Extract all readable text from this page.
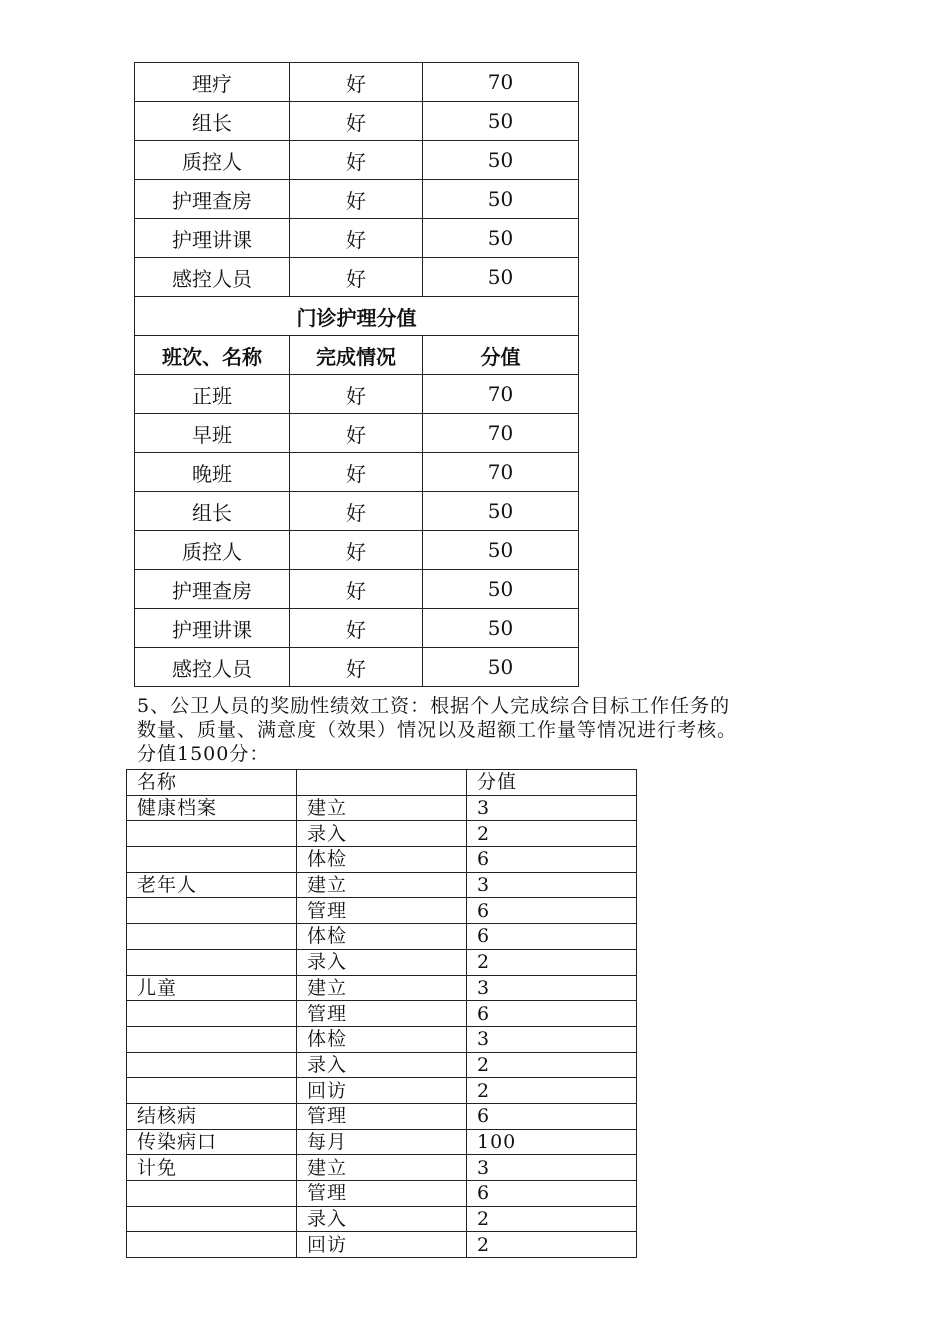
理疗	好	70
组长	好	50
质控人	好	50
护理查房	好	50
护理讲课	好	50
感控人员	好	50
门诊护理分值		
班次、名称	完成情况	分值
正班	好	70
早班	好	70
晚班	好	70
组长	好	50
质控人	好	50
护理查房	好	50
护理讲课	好	50
感控人员	好	50
5、公卫人员的奖励性绩效工资：根据个人完成综合目标工作任务的
数量、质量、满意度（效果）情况以及超额工作量等情况进行考核。
分值1500分：
名称		分值
健康档案	建立	3
	录入	2
	体检	6
老年人	建立	3
	管理	6
	体检	6
	录入	2
儿童	建立	3
	管理	6
	体检	3
	录入	2
	回访	2
结核病	管理	6
传染病口	每月	100
计免	建立	3
	管理	6
	录入	2
	回访	2
